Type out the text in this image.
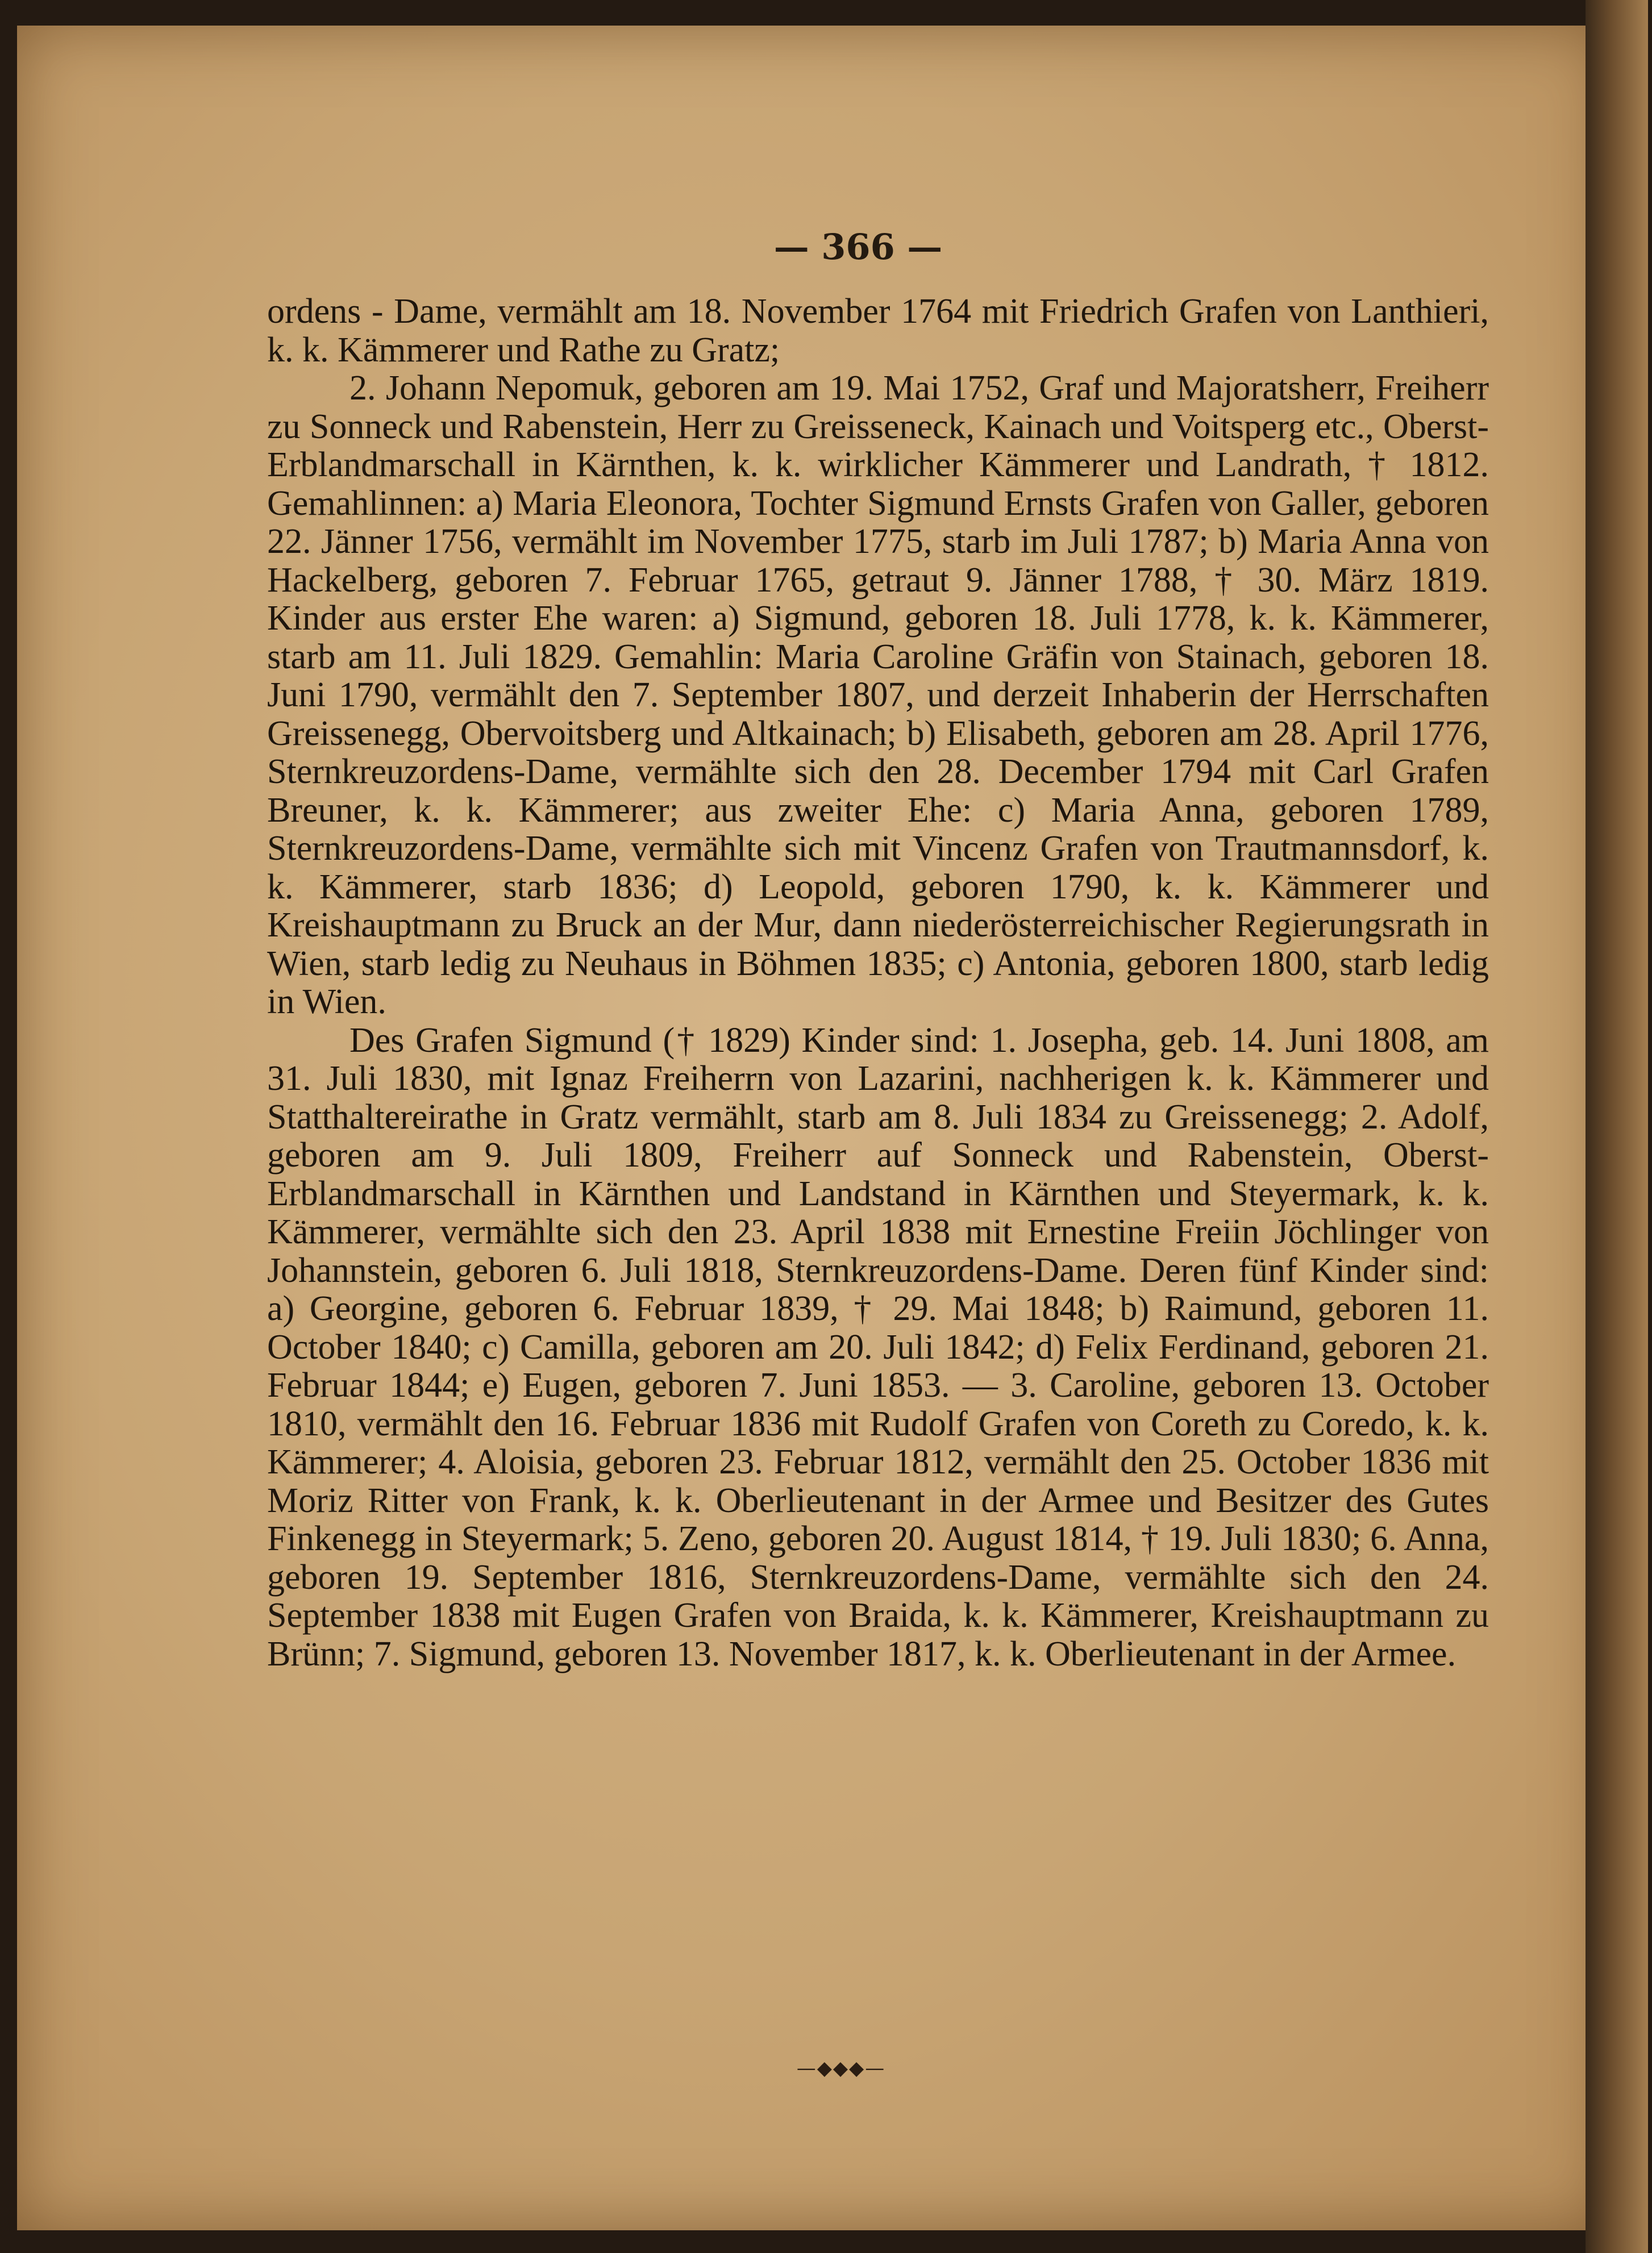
— 366 —

ordens - Dame, vermählt am 18. November 1764 mit Friedrich Grafen von Lanthieri, k. k. Kämmerer und Rathe zu Gratz;

2. Johann Nepomuk, geboren am 19. Mai 1752, Graf und Majoratsherr, Freiherr zu Sonneck und Rabenstein, Herr zu Greisseneck, Kainach und Voitsperg etc., Oberst-Erblandmarschall in Kärnthen, k. k. wirklicher Kämmerer und Landrath, † 1812. Gemahlinnen: a) Maria Eleonora, Tochter Sigmund Ernsts Grafen von Galler, geboren 22. Jänner 1756, vermählt im November 1775, starb im Juli 1787; b) Maria Anna von Hackelberg, geboren 7. Februar 1765, getraut 9. Jänner 1788, † 30. März 1819. Kinder aus erster Ehe waren: a) Sigmund, geboren 18. Juli 1778, k. k. Kämmerer, starb am 11. Juli 1829. Gemahlin: Maria Caroline Gräfin von Stainach, geboren 18. Juni 1790, vermählt den 7. September 1807, und derzeit Inhaberin der Herrschaften Greissenegg, Obervoitsberg und Altkainach; b) Elisabeth, geboren am 28. April 1776, Sternkreuzordens-Dame, vermählte sich den 28. December 1794 mit Carl Grafen Breuner, k. k. Kämmerer; aus zweiter Ehe: c) Maria Anna, geboren 1789, Sternkreuzordens-Dame, vermählte sich mit Vincenz Grafen von Trautmannsdorf, k. k. Kämmerer, starb 1836; d) Leopold, geboren 1790, k. k. Kämmerer und Kreishauptmann zu Bruck an der Mur, dann niederösterreichischer Regierungsrath in Wien, starb ledig zu Neuhaus in Böhmen 1835; c) Antonia, geboren 1800, starb ledig in Wien.

Des Grafen Sigmund († 1829) Kinder sind: 1. Josepha, geb. 14. Juni 1808, am 31. Juli 1830, mit Ignaz Freiherrn von Lazarini, nachherigen k. k. Kämmerer und Statthaltereirathe in Gratz vermählt, starb am 8. Juli 1834 zu Greissenegg; 2. Adolf, geboren am 9. Juli 1809, Freiherr auf Sonneck und Rabenstein, Oberst-Erblandmarschall in Kärnthen und Landstand in Kärnthen und Steyermark, k. k. Kämmerer, vermählte sich den 23. April 1838 mit Ernestine Freiin Jöchlinger von Johannstein, geboren 6. Juli 1818, Sternkreuzordens-Dame. Deren fünf Kinder sind: a) Georgine, geboren 6. Februar 1839, † 29. Mai 1848; b) Raimund, geboren 11. October 1840; c) Camilla, geboren am 20. Juli 1842; d) Felix Ferdinand, geboren 21. Februar 1844; e) Eugen, geboren 7. Juni 1853. — 3. Caroline, geboren 13. October 1810, vermählt den 16. Februar 1836 mit Rudolf Grafen von Coreth zu Coredo, k. k. Kämmerer; 4. Aloisia, geboren 23. Februar 1812, vermählt den 25. October 1836 mit Moriz Ritter von Frank, k. k. Oberlieutenant in der Armee und Besitzer des Gutes Finkenegg in Steyermark; 5. Zeno, geboren 20. August 1814, † 19. Juli 1830; 6. Anna, geboren 19. September 1816, Sternkreuzordens-Dame, vermählte sich den 24. September 1838 mit Eugen Grafen von Braida, k. k. Kämmerer, Kreishauptmann zu Brünn; 7. Sigmund, geboren 13. November 1817, k. k. Oberlieutenant in der Armee.

—◆◆◆—
